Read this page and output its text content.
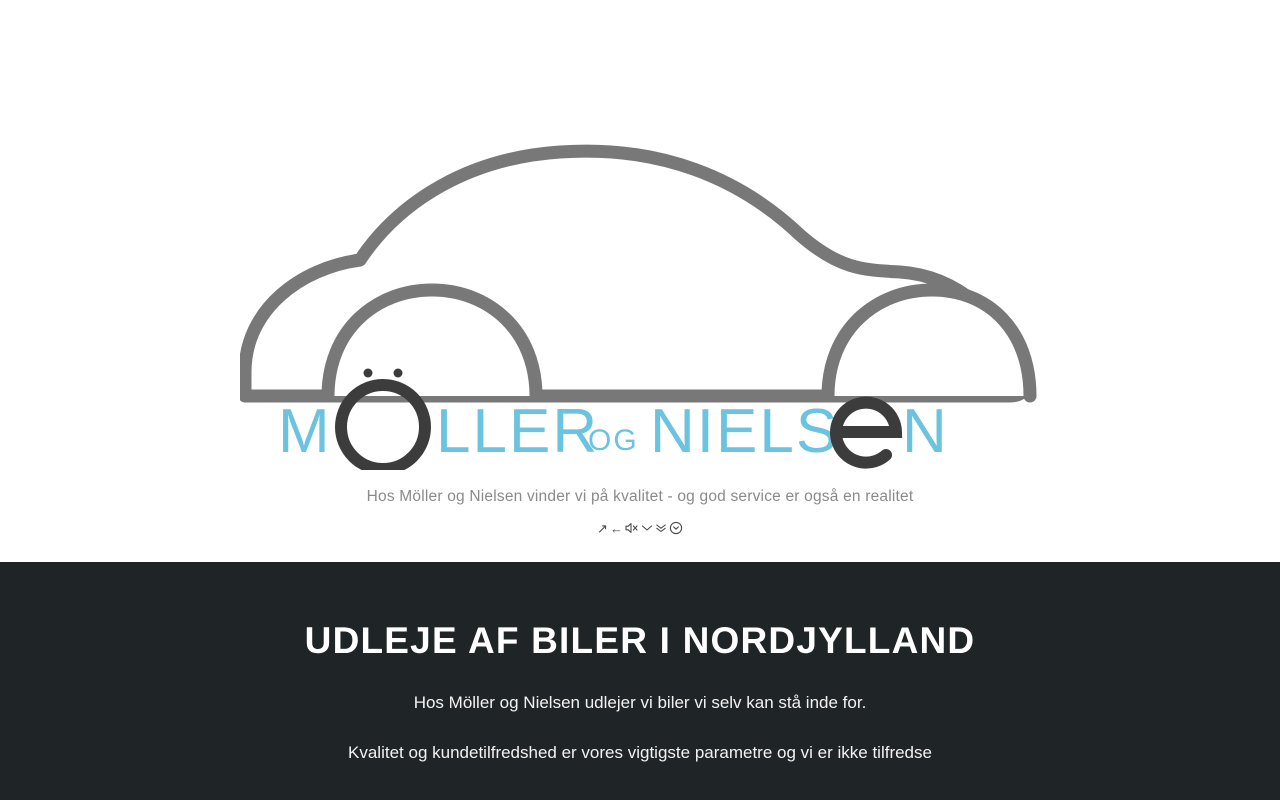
M LLER
OG NIELS N
Hos Möller og Nielsen vinder vi på kvalitet - og god service er også en realitet
↗ ←
UDLEJE AF BILER I NORDJYLLAND

Hos Möller og Nielsen udlejer vi biler vi selv kan stå inde for.

Kvalitet og kundetilfredshed er vores vigtigste parametre og vi er ikke tilfredse
